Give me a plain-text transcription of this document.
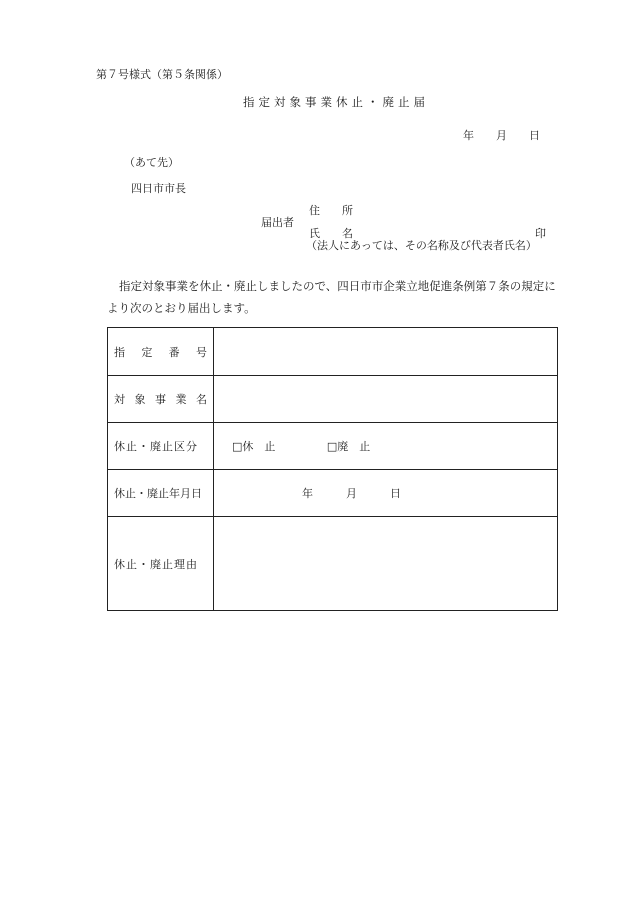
第７号様式（第５条関係）
指定対象事業休止・廃止届
年　　月　　日
（あて先）
四日市市長
住　　所
届出者
氏　　名	印
（法人にあっては、その名称及び代表者氏名）
指定対象事業を休止・廃止しましたので、四日市市企業立地促進条例第７条の規定に
より次のとおり届出します。
指 定 番 号	

対 象 事 業 名	

休止・廃止区分	□休　止 □廃　止
休止・廃止年月日	年　　　月　　　日
休止・廃止理由	
